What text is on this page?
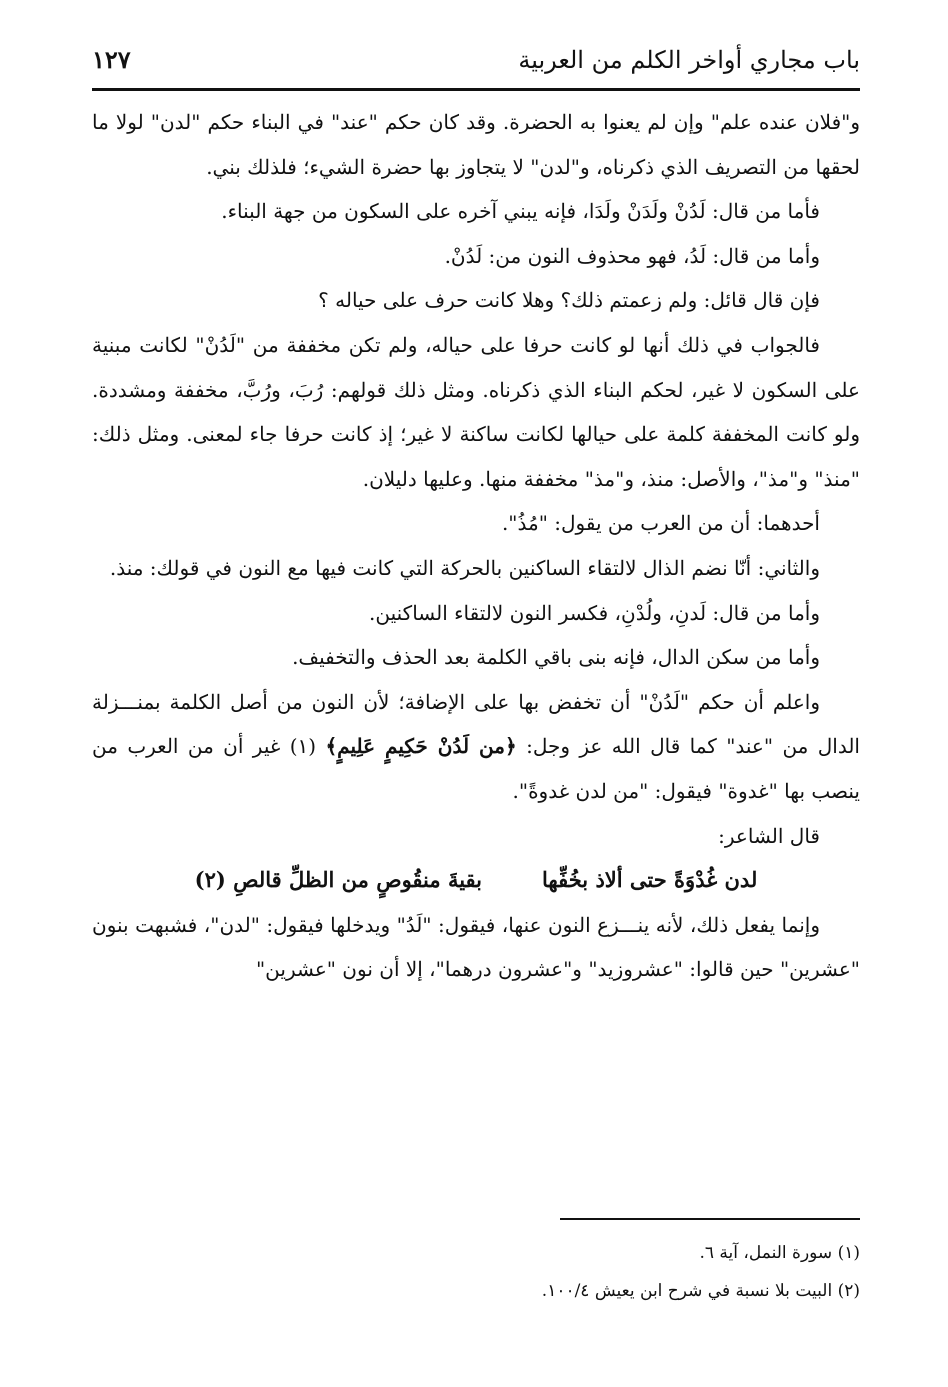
باب مجاري أواخر الكلم من العربية
١٢٧

و"فلان عنده علم" وإن لم يعنوا به الحضرة. وقد كان حكم "عند" في البناء حكم "لدن" لولا ما لحقها من التصريف الذي ذكرناه، و"لدن" لا يتجاوز بها حضرة الشيء؛ فلذلك بني.

فأما من قال: لَدُنْ ولَدَنْ ولَدَا، فإنه يبني آخره على السكون من جهة البناء.

وأما من قال: لَدُ، فهو محذوف النون من: لَدُنْ.

فإن قال قائل: ولم زعمتم ذلك؟ وهلا كانت حرف على حياله ؟

فالجواب في ذلك أنها لو كانت حرفا على حياله، ولم تكن مخففة من "لَدُنْ" لكانت مبنية على السكون لا غير، لحكم البناء الذي ذكرناه. ومثل ذلك قولهم: رُبَ، ورُبَّ، مخففة ومشددة. ولو كانت المخففة كلمة على حيالها لكانت ساكنة لا غير؛ إذ كانت حرفا جاء لمعنى. ومثل ذلك: "منذ" و"مذ"، والأصل: منذ، و"مذ" مخففة منها. وعليها دليلان.

أحدهما: أن من العرب من يقول: "مُذُ".

والثاني: أنّا نضم الذال لالتقاء الساكنين بالحركة التي كانت فيها مع النون في قولك: منذ.

وأما من قال: لَدنِ، ولُدْنِ، فكسر النون لالتقاء الساكنين.

وأما من سكن الدال، فإنه بنى باقي الكلمة بعد الحذف والتخفيف.

واعلم أن حكم "لَدُنْ" أن تخفض بها على الإضافة؛ لأن النون من أصل الكلمة بمنـــزلة الدال من "عند" كما قال الله عز وجل: ﴿من لَدُنْ حَكِيمٍ عَلِيمٍ﴾ (١) غير أن من العرب من ينصب بها "غدوة" فيقول: "من لدن غدوةً".

قال الشاعر:

لدن غُدْوَةً حتى ألاذ بخُفِّهابقيةَ منقُوصٍ من الظلِّ قالصِ (٢)

وإنما يفعل ذلك، لأنه ينـــزع النون عنها، فيقول: "لَدُ" ويدخلها فيقول: "لدن"، فشبهت بنون "عشرين" حين قالوا: "عشروزيد" و"عشرون درهما"، إلا أن نون "عشرين"

(١) سورة النمل، آية ٦.

(٢) البيت بلا نسبة في شرح ابن يعيش ١٠٠/٤.
